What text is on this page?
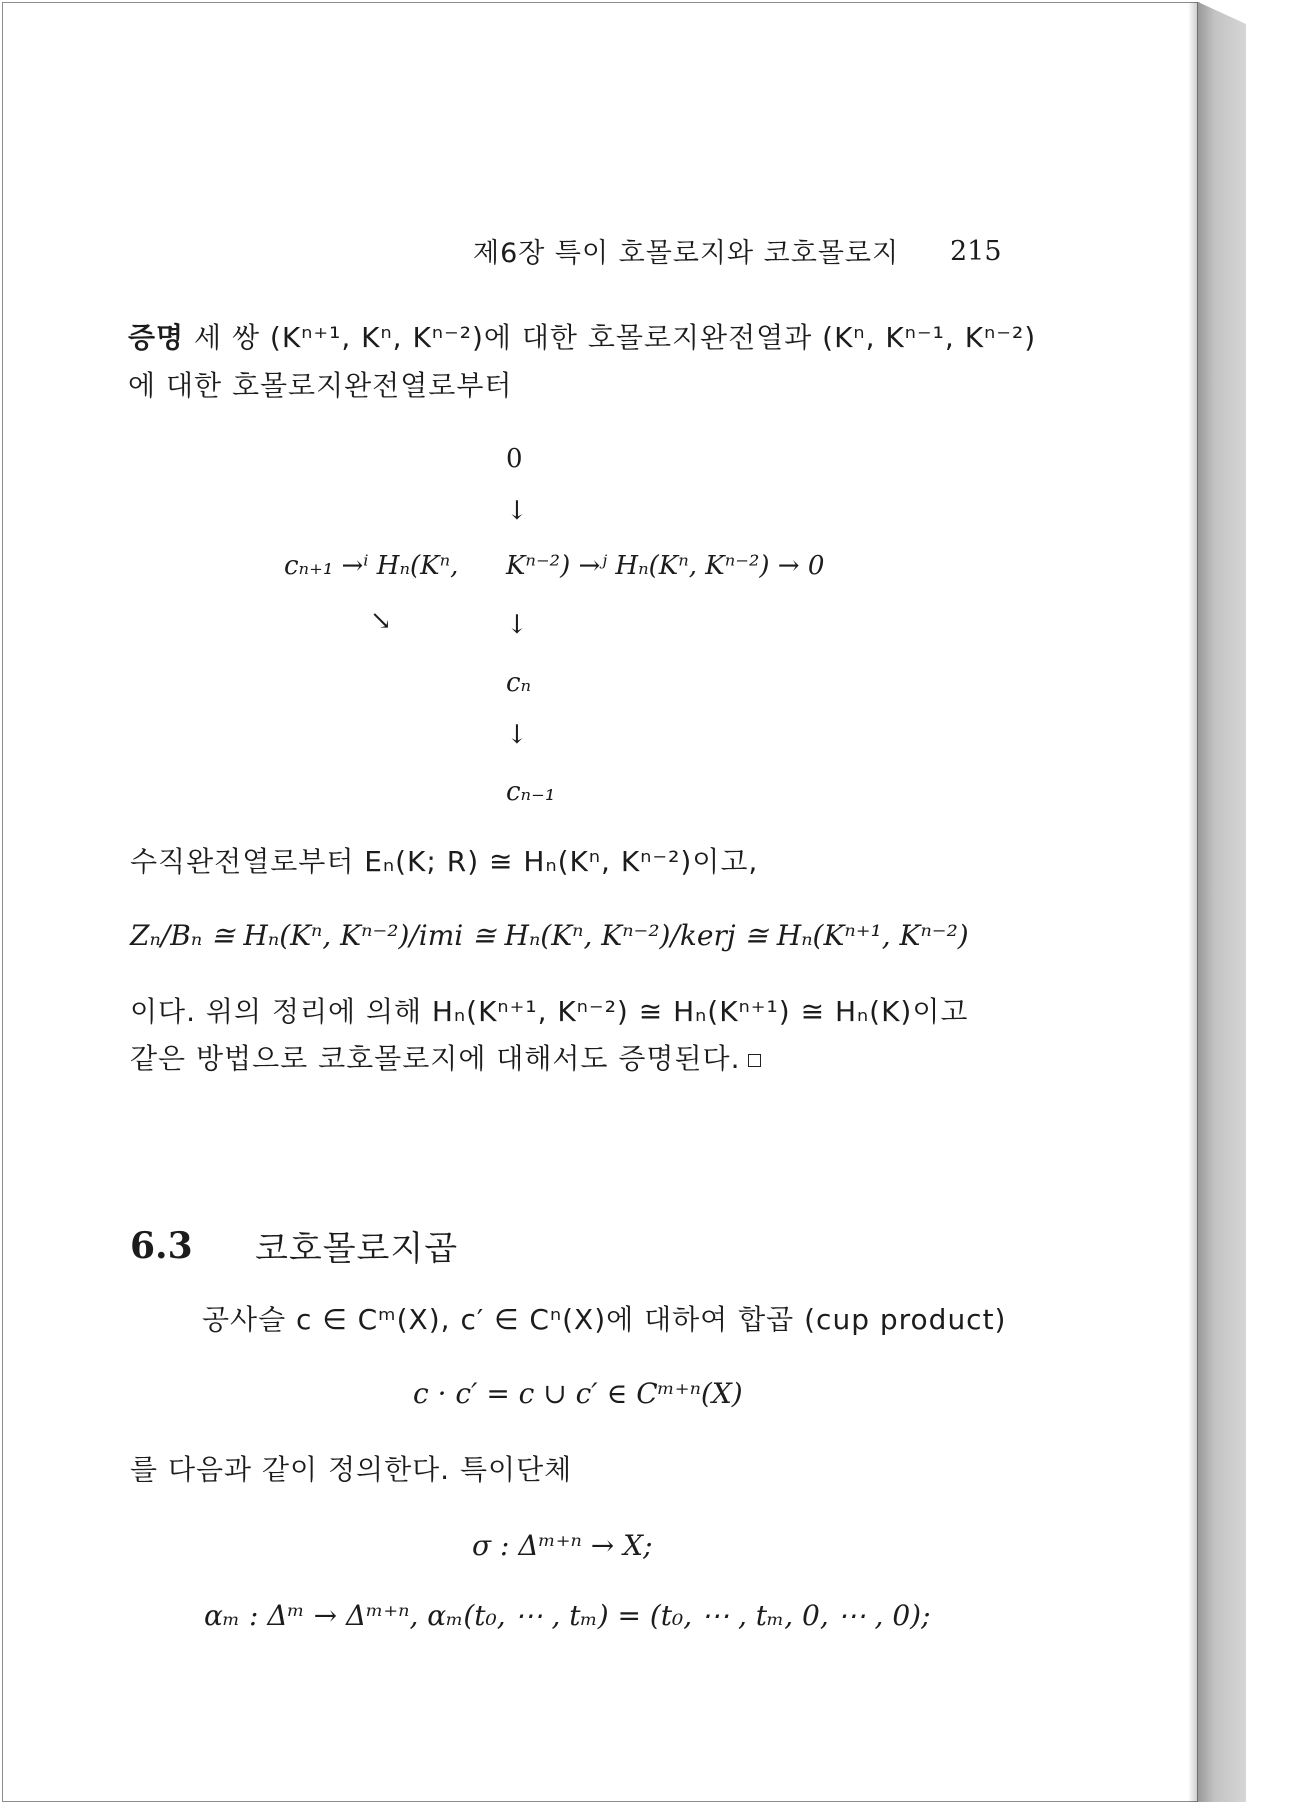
제6장 특이 호몰로지와 코호몰로지 215
증명 세 쌍 (Kⁿ⁺¹, Kⁿ, Kⁿ⁻²)에 대한 호몰로지완전열과 (Kⁿ, Kⁿ⁻¹, Kⁿ⁻²)
에 대한 호몰로지완전열로부터
0
↓
cₙ₊₁ →ⁱ Hₙ(Kⁿ, Kⁿ⁻²) →ʲ Hₙ(Kⁿ, Kⁿ⁻²) → 0
↘	↓
cₙ
↓
cₙ₋₁
수직완전열로부터 Eₙ(K; R) ≅ Hₙ(Kⁿ, Kⁿ⁻²)이고,
Zₙ/Bₙ ≅ Hₙ(Kⁿ, Kⁿ⁻²)/imi ≅ Hₙ(Kⁿ, Kⁿ⁻²)/kerj ≅ Hₙ(Kⁿ⁺¹, Kⁿ⁻²)
이다. 위의 정리에 의해 Hₙ(Kⁿ⁺¹, Kⁿ⁻²) ≅ Hₙ(Kⁿ⁺¹) ≅ Hₙ(K)이고
같은 방법으로 코호몰로지에 대해서도 증명된다.
6.3 코호몰로지곱
공사슬 c ∈ Cᵐ(X), c′ ∈ Cⁿ(X)에 대하여 합곱 (cup product)
c · c′ = c ∪ c′ ∈ Cᵐ⁺ⁿ(X)
를 다음과 같이 정의한다. 특이단체
σ : Δᵐ⁺ⁿ → X;
αₘ : Δᵐ → Δᵐ⁺ⁿ, αₘ(t₀, ⋯ , tₘ) = (t₀, ⋯ , tₘ, 0, ⋯ , 0);
